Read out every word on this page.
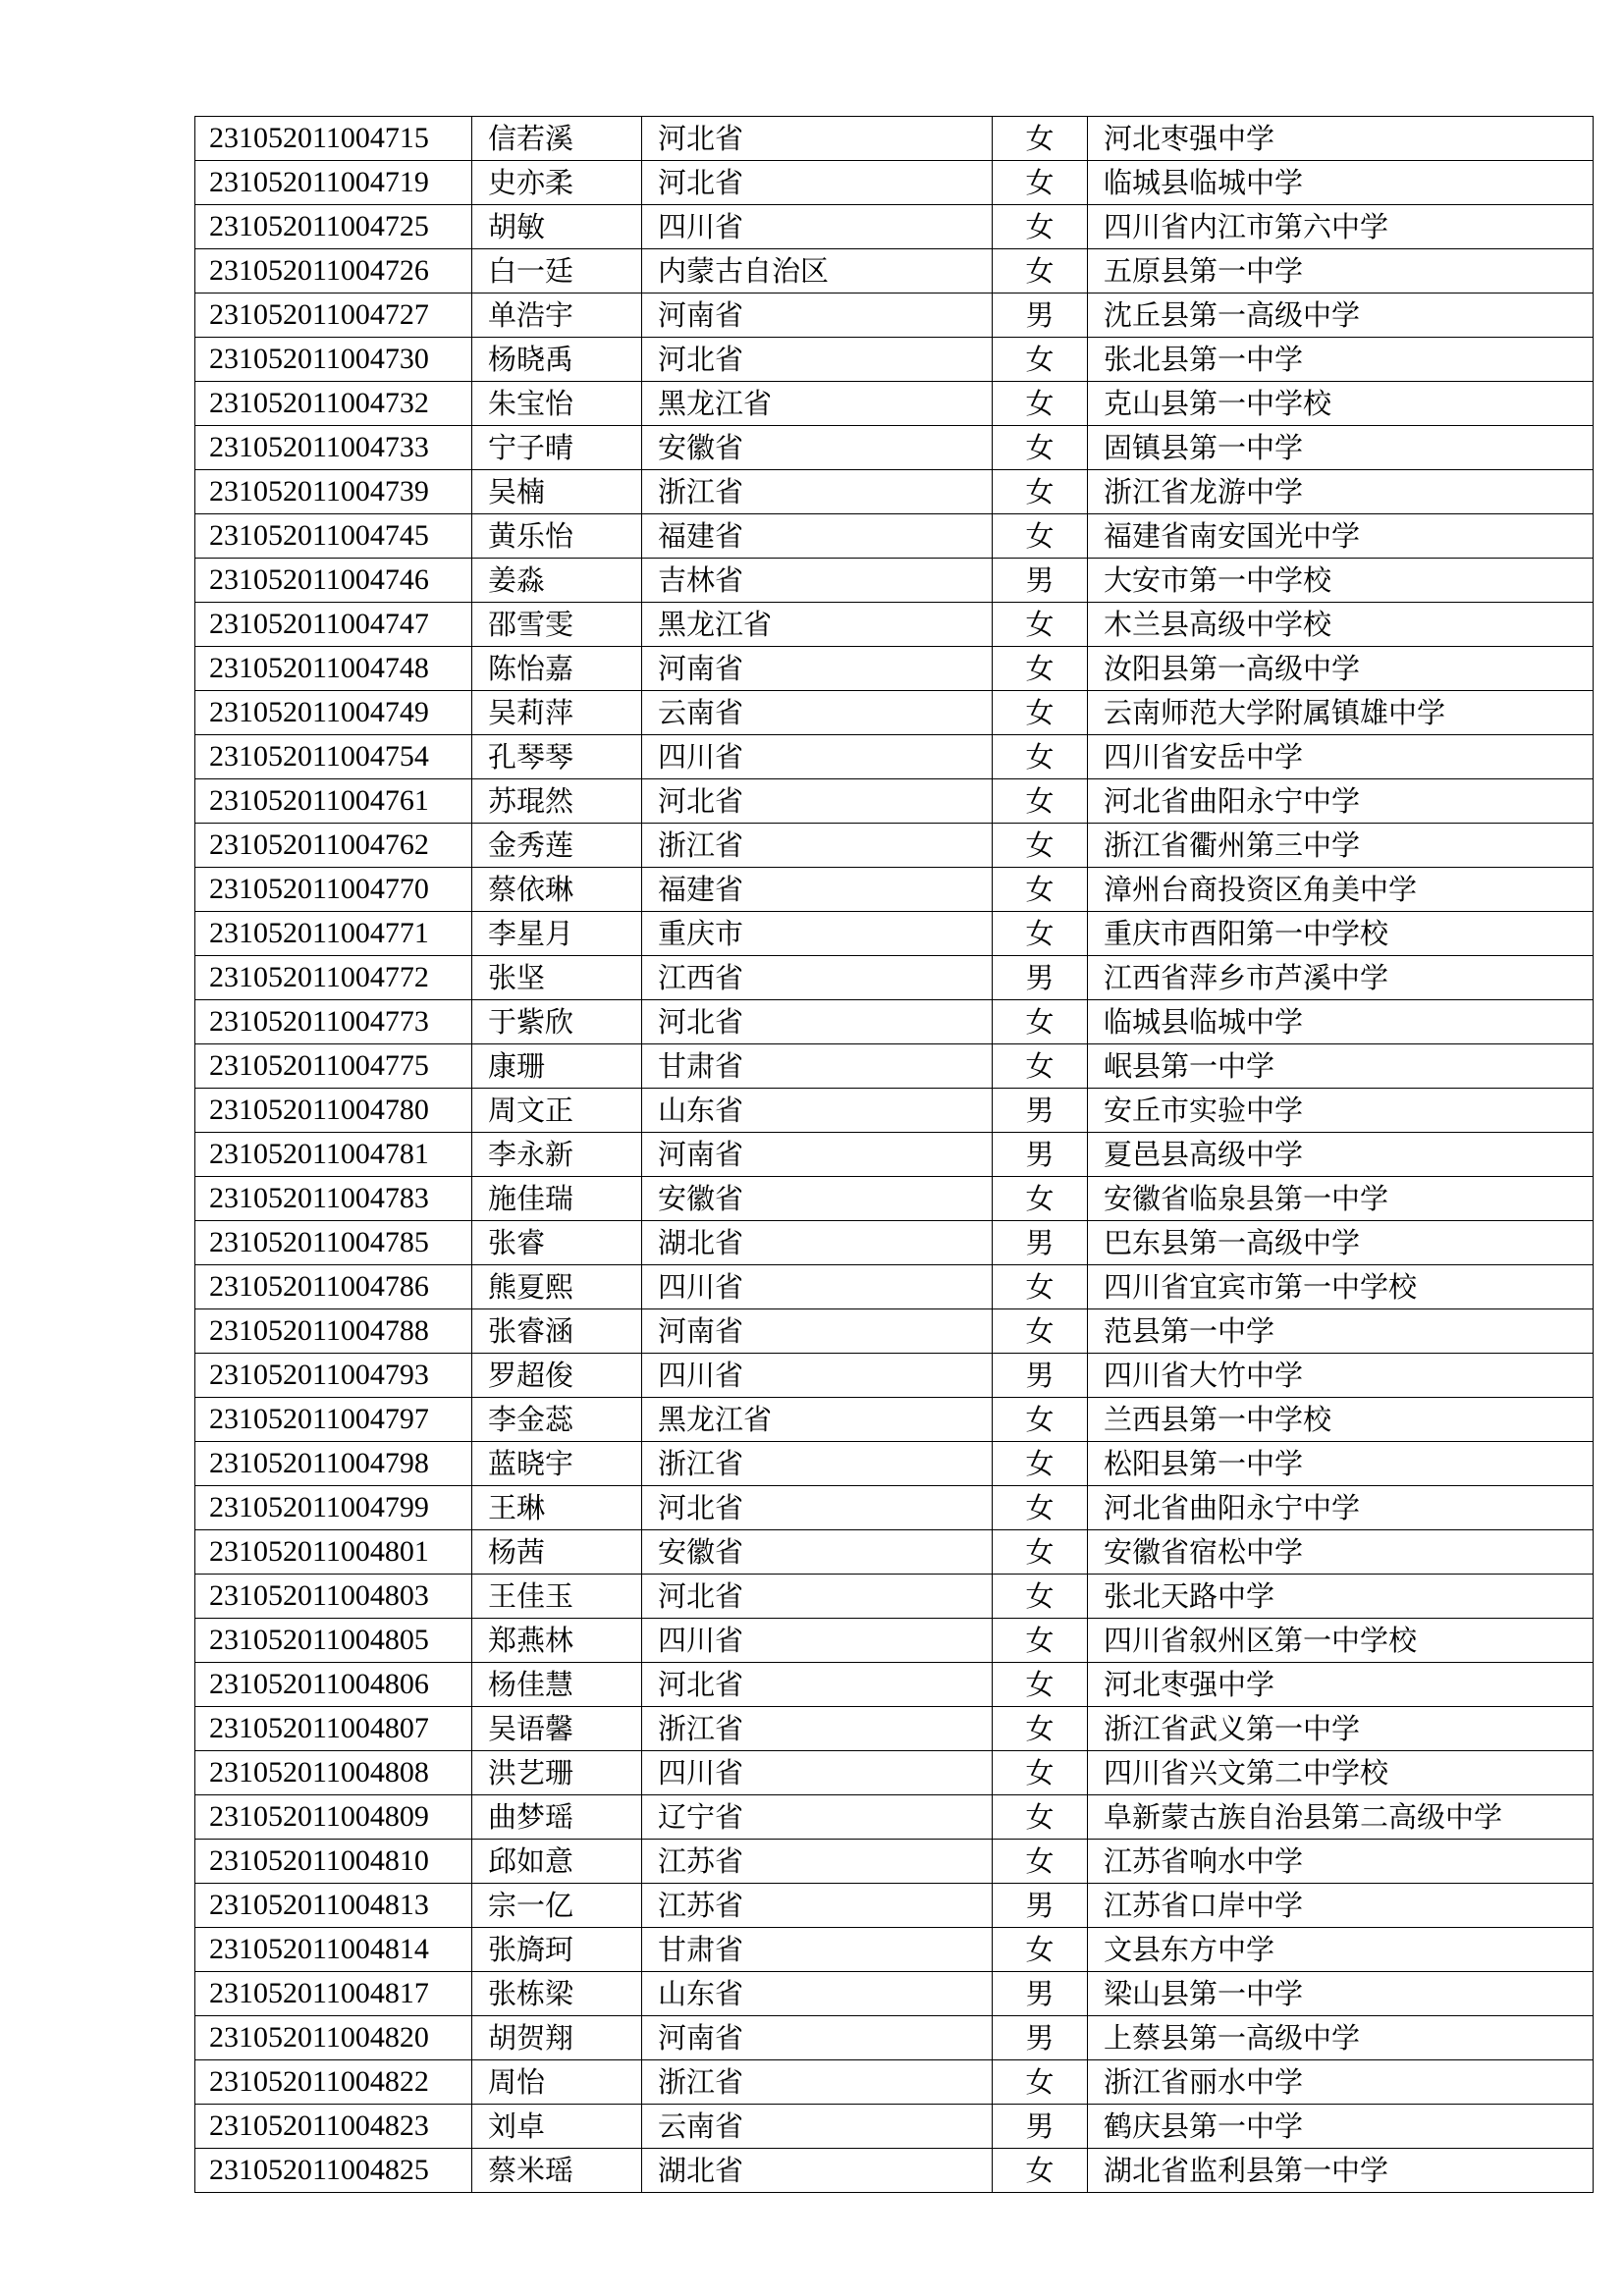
231052011004715	信若溪	河北省	女	河北枣强中学
231052011004719	史亦柔	河北省	女	临城县临城中学
231052011004725	胡敏	四川省	女	四川省内江市第六中学
231052011004726	白一廷	内蒙古自治区	女	五原县第一中学
231052011004727	单浩宇	河南省	男	沈丘县第一高级中学
231052011004730	杨晓禹	河北省	女	张北县第一中学
231052011004732	朱宝怡	黑龙江省	女	克山县第一中学校
231052011004733	宁子晴	安徽省	女	固镇县第一中学
231052011004739	吴楠	浙江省	女	浙江省龙游中学
231052011004745	黄乐怡	福建省	女	福建省南安国光中学
231052011004746	姜淼	吉林省	男	大安市第一中学校
231052011004747	邵雪雯	黑龙江省	女	木兰县高级中学校
231052011004748	陈怡嘉	河南省	女	汝阳县第一高级中学
231052011004749	吴莉萍	云南省	女	云南师范大学附属镇雄中学
231052011004754	孔琴琴	四川省	女	四川省安岳中学
231052011004761	苏琨然	河北省	女	河北省曲阳永宁中学
231052011004762	金秀莲	浙江省	女	浙江省衢州第三中学
231052011004770	蔡依琳	福建省	女	漳州台商投资区角美中学
231052011004771	李星月	重庆市	女	重庆市酉阳第一中学校
231052011004772	张坚	江西省	男	江西省萍乡市芦溪中学
231052011004773	于紫欣	河北省	女	临城县临城中学
231052011004775	康珊	甘肃省	女	岷县第一中学
231052011004780	周文正	山东省	男	安丘市实验中学
231052011004781	李永新	河南省	男	夏邑县高级中学
231052011004783	施佳瑞	安徽省	女	安徽省临泉县第一中学
231052011004785	张睿	湖北省	男	巴东县第一高级中学
231052011004786	熊夏熙	四川省	女	四川省宜宾市第一中学校
231052011004788	张睿涵	河南省	女	范县第一中学
231052011004793	罗超俊	四川省	男	四川省大竹中学
231052011004797	李金蕊	黑龙江省	女	兰西县第一中学校
231052011004798	蓝晓宇	浙江省	女	松阳县第一中学
231052011004799	王琳	河北省	女	河北省曲阳永宁中学
231052011004801	杨茜	安徽省	女	安徽省宿松中学
231052011004803	王佳玉	河北省	女	张北天路中学
231052011004805	郑燕林	四川省	女	四川省叙州区第一中学校
231052011004806	杨佳慧	河北省	女	河北枣强中学
231052011004807	吴语馨	浙江省	女	浙江省武义第一中学
231052011004808	洪艺珊	四川省	女	四川省兴文第二中学校
231052011004809	曲梦瑶	辽宁省	女	阜新蒙古族自治县第二高级中学
231052011004810	邱如意	江苏省	女	江苏省响水中学
231052011004813	宗一亿	江苏省	男	江苏省口岸中学
231052011004814	张旖珂	甘肃省	女	文县东方中学
231052011004817	张栋梁	山东省	男	梁山县第一中学
231052011004820	胡贺翔	河南省	男	上蔡县第一高级中学
231052011004822	周怡	浙江省	女	浙江省丽水中学
231052011004823	刘卓	云南省	男	鹤庆县第一中学
231052011004825	蔡米瑶	湖北省	女	湖北省监利县第一中学
